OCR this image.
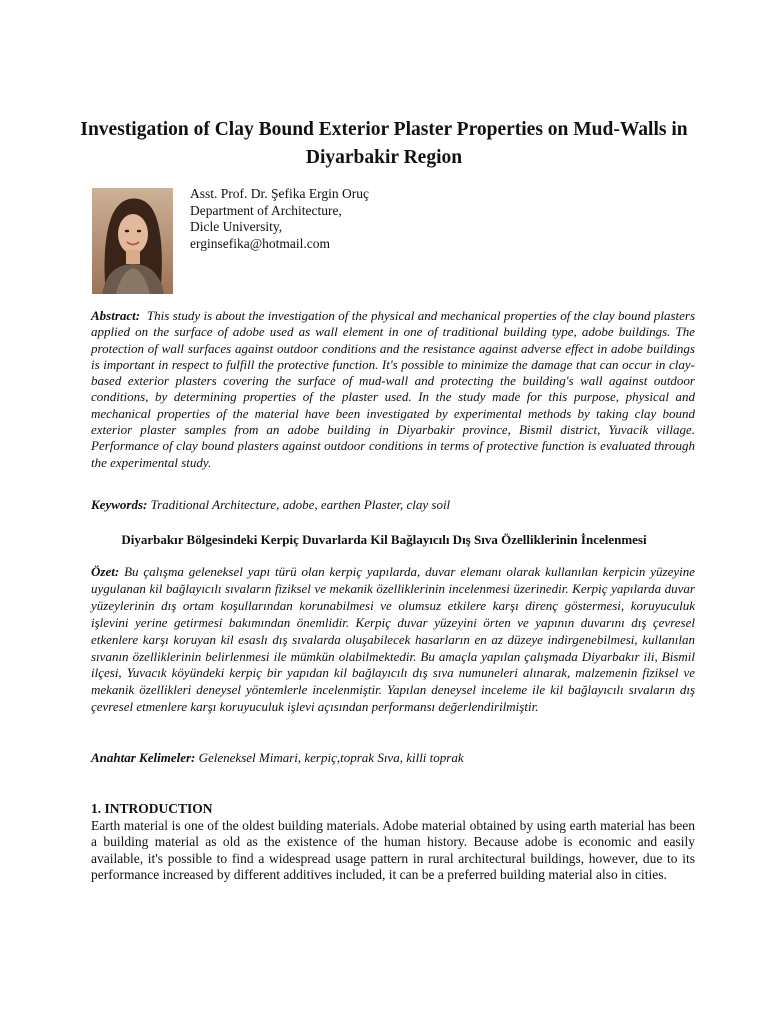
Investigation of Clay Bound Exterior Plaster Properties on Mud-Walls in Diyarbakir Region
Asst. Prof. Dr. Şefika Ergin Oruç
Department of Architecture,
Dicle University,
erginsefika@hotmail.com

Abstract: This study is about the investigation of the physical and mechanical properties of the clay bound plasters applied on the surface of adobe used as wall element in one of traditional building type, adobe buildings. The protection of wall surfaces against outdoor conditions and the resistance against adverse effect in adobe buildings is important in respect to fulfill the protective function. It's possible to minimize the damage that can occur in clay-based exterior plasters covering the surface of mud-wall and protecting the building's wall against outdoor conditions, by determining properties of the plaster used. In the study made for this purpose, physical and mechanical properties of the material have been investigated by experimental methods by taking clay bound exterior plaster samples from an adobe building in Diyarbakir province, Bismil district, Yuvacik village. Performance of clay bound plasters against outdoor conditions in terms of protective function is evaluated through the experimental study.

Keywords: Traditional Architecture, adobe, earthen Plaster, clay soil

Diyarbakır Bölgesindeki Kerpiç Duvarlarda Kil Bağlayıcılı Dış Sıva Özelliklerinin İncelenmesi

Özet: Bu çalışma geleneksel yapı türü olan kerpiç yapılarda, duvar elemanı olarak kullanılan kerpicin yüzeyine uygulanan kil bağlayıcılı sıvaların fiziksel ve mekanik özelliklerinin incelenmesi üzerinedir. Kerpiç yapılarda duvar yüzeylerinin dış ortam koşullarından korunabilmesi ve olumsuz etkilere karşı direnç göstermesi, koruyuculuk işlevini yerine getirmesi bakımından önemlidir. Kerpiç duvar yüzeyini örten ve yapının duvarını dış çevresel etkenlere karşı koruyan kil esaslı dış sıvalarda oluşabilecek hasarların en az düzeye indirgenebilmesi, kullanılan sıvanın özelliklerinin belirlenmesi ile mümkün olabilmektedir. Bu amaçla yapılan çalışmada Diyarbakır ili, Bismil ilçesi, Yuvacık köyündeki kerpiç bir yapıdan kil bağlayıcılı dış sıva numuneleri alınarak, malzemenin fiziksel ve mekanik özellikleri deneysel yöntemlerle incelenmiştir. Yapılan deneysel inceleme ile kil bağlayıcılı sıvaların dış çevresel etmenlere karşı koruyuculuk işlevi açısından performansı değerlendirilmiştir.

Anahtar Kelimeler: Geleneksel Mimari, kerpiç,toprak Sıva, killi toprak

1. INTRODUCTION

Earth material is one of the oldest building materials. Adobe material obtained by using earth material has been a building material as old as the existence of the human history. Because adobe is economic and easily available, it's possible to find a widespread usage pattern in rural architectural buildings, however, due to its performance increased by different additives included, it can be a preferred building material also in cities.
